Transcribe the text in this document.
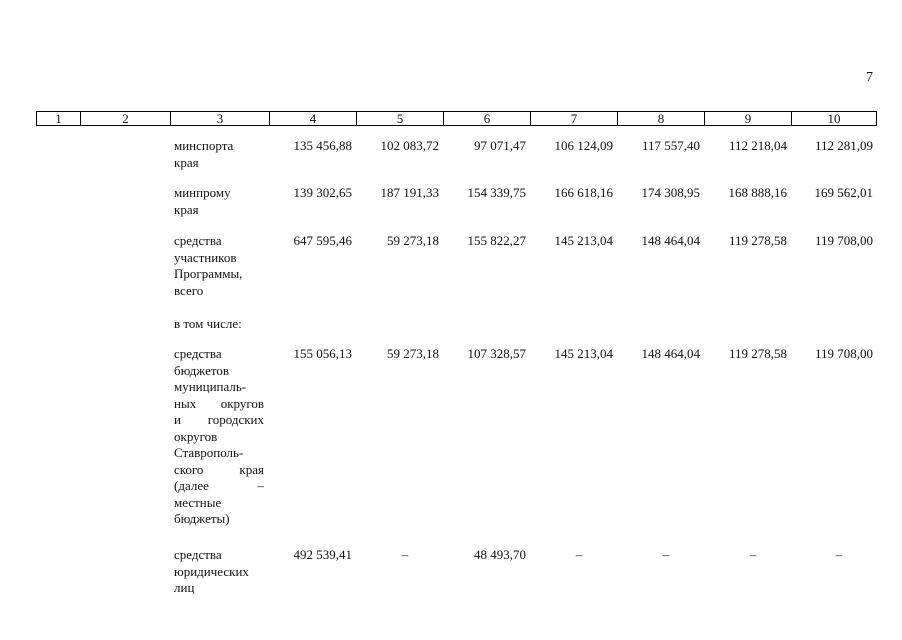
7
1	2	3	4	5	6	7	8	9	10
минспорта
края
135 456,88	102 083,72	97 071,47	106 124,09	117 557,40	112 218,04	112 281,09
минпрому
края
139 302,65	187 191,33	154 339,75	166 618,16	174 308,95	168 888,16	169 562,01
средства
участников
Программы,
всего
647 595,46	59 273,18	155 822,27	145 213,04	148 464,04	119 278,58	119 708,00
в том числе:
средства
бюджетов
муниципаль-
ных округов
и городских
округов
Ставрополь-
ского края
(далее –
местные
бюджеты)
155 056,13	59 273,18	107 328,57	145 213,04	148 464,04	119 278,58	119 708,00
средства
юридических
лиц
492 539,41	–	48 493,70	–	–	–	–
